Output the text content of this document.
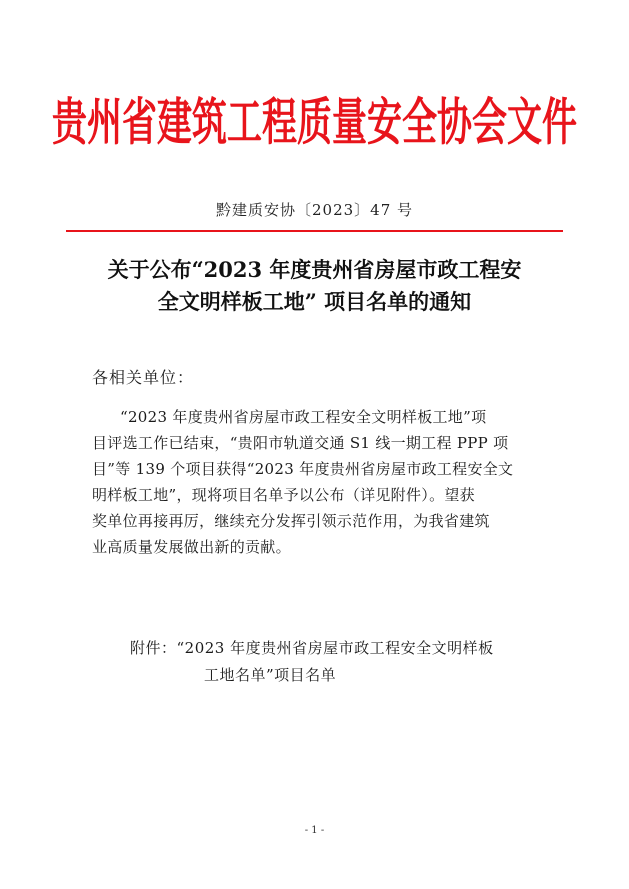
贵州省建筑工程质量安全协会文件
黔建质安协〔2023〕47 号
关于公布“2023 年度贵州省房屋市政工程安
全文明样板工地” 项目名单的通知
各相关单位：
“2023 年度贵州省房屋市政工程安全文明样板工地”项
目评选工作已结束，“贵阳市轨道交通 S1 线一期工程 PPP 项
目”等 139 个项目获得“2023 年度贵州省房屋市政工程安全文
明样板工地”，现将项目名单予以公布（详见附件）。望获
奖单位再接再厉，继续充分发挥引领示范作用，为我省建筑
业高质量发展做出新的贡献。
附件：“2023 年度贵州省房屋市政工程安全文明样板
工地名单”项目名单
- 1 -
